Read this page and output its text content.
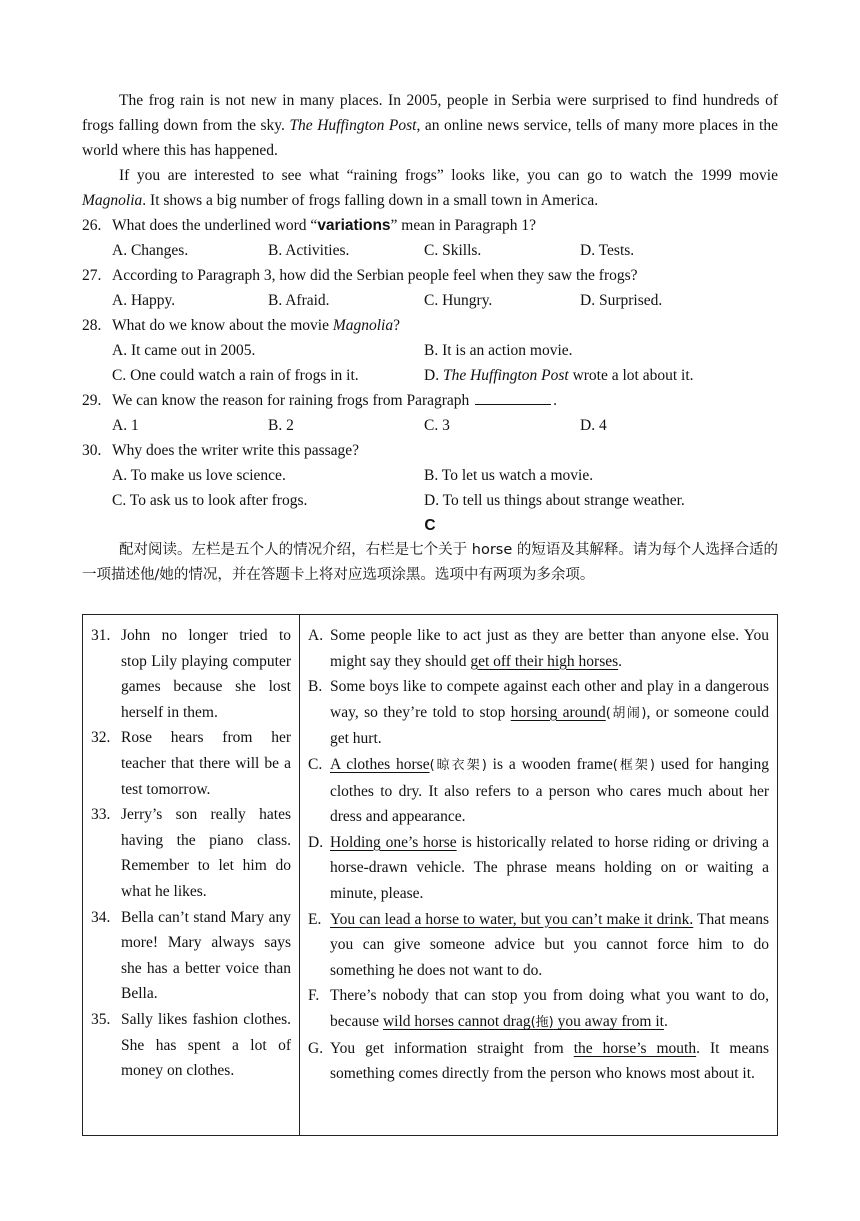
The frog rain is not new in many places. In 2005, people in Serbia were surprised to find hundreds of frogs falling down from the sky. The Huffington Post, an online news service, tells of many more places in the world where this has happened.

If you are interested to see what “raining frogs” looks like, you can go to watch the 1999 movie Magnolia. It shows a big number of frogs falling down in a small town in America.

26. What does the underlined word “variations” mean in Paragraph 1?
A. Changes.	B. Activities.	C. Skills.	D. Tests.
27. According to Paragraph 3, how did the Serbian people feel when they saw the frogs?
A. Happy.	B. Afraid.	C. Hungry.	D. Surprised.
28. What do we know about the movie Magnolia?
A. It came out in 2005.	B. It is an action movie.
C. One could watch a rain of frogs in it.	D. The Huffington Post wrote a lot about it.
29. We can know the reason for raining frogs from Paragraph	.
A. 1	B. 2	C. 3	D. 4
30. Why does the writer write this passage?
A. To make us love science.	B. To let us watch a movie.
C. To ask us to look after frogs.	D. To tell us things about strange weather.
C

配对阅读。左栏是五个人的情况介绍，右栏是七个关于 horse 的短语及其解释。请为每个人选择合适的一项描述他/她的情况，并在答题卡上将对应选项涂黑。选项中有两项为多余项。

31. John no longer tried to stop Lily playing computer games because she lost herself in them.
32. Rose hears from her teacher that there will be a test tomorrow.
33. Jerry’s son really hates having the piano class. Remember to let him do what he likes.
34. Bella can’t stand Mary any more! Mary always says she has a better voice than Bella.
35. Sally likes fashion clothes. She has spent a lot of money on clothes.

A. Some people like to act just as they are better than anyone else. You might say they should get off their high horses.
B. Some boys like to compete against each other and play in a dangerous way, so they’re told to stop horsing around(胡闹), or someone could get hurt.
C. A clothes horse(晾衣架) is a wooden frame(框架) used for hanging clothes to dry. It also refers to a person who cares much about her dress and appearance.
D. Holding one’s horse is historically related to horse riding or driving a horse-drawn vehicle. The phrase means holding on or waiting a minute, please.
E. You can lead a horse to water, but you can’t make it drink. That means you can give someone advice but you cannot force him to do something he does not want to do.
F. There’s nobody that can stop you from doing what you want to do, because wild horses cannot drag(拖) you away from it.
G. You get information straight from the horse’s mouth. It means something comes directly from the person who knows most about it.
